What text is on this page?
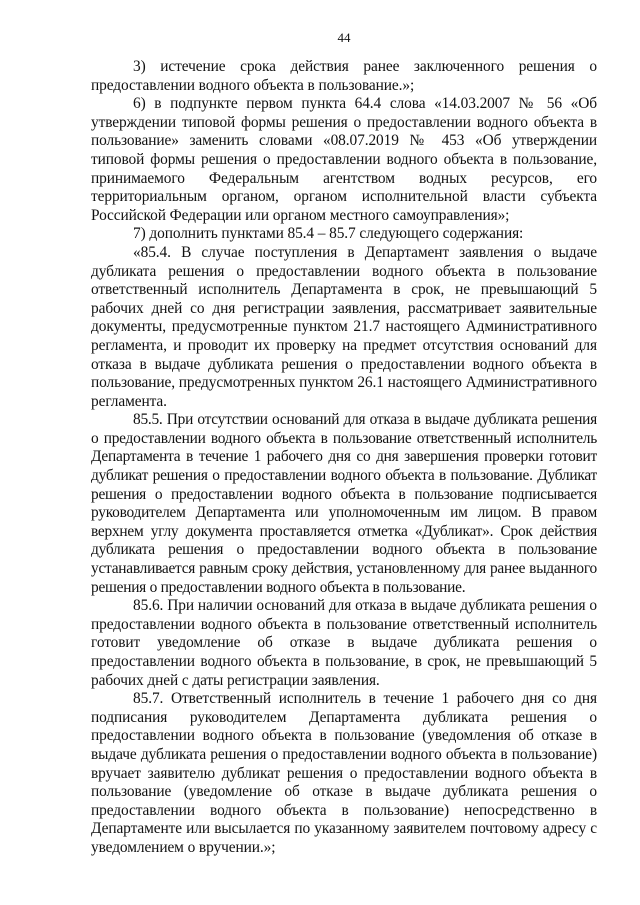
44

3) истечение срока действия ранее заключенного решения о предоставлении водного объекта в пользование.»;

6) в подпункте первом пункта 64.4 слова «14.03.2007 № 56 «Об утверждении типовой формы решения о предоставлении водного объекта в пользование» заменить словами «08.07.2019 № 453 «Об утверждении типовой формы решения о предоставлении водного объекта в пользование, принимаемого Федеральным агентством водных ресурсов, его территориальным органом, органом исполнительной власти субъекта Российской Федерации или органом местного самоуправления»;

7) дополнить пунктами 85.4 – 85.7 следующего содержания:

«85.4. В случае поступления в Департамент заявления о выдаче дубликата решения о предоставлении водного объекта в пользование ответственный исполнитель Департамента в срок, не превышающий 5 рабочих дней со дня регистрации заявления, рассматривает заявительные документы, предусмотренные пунктом 21.7 настоящего Административного регламента, и проводит их проверку на предмет отсутствия оснований для отказа в выдаче дубликата решения о предоставлении водного объекта в пользование, предусмотренных пунктом 26.1 настоящего Административного регламента.

85.5. При отсутствии оснований для отказа в выдаче дубликата решения о предоставлении водного объекта в пользование ответственный исполнитель Департамента в течение 1 рабочего дня со дня завершения проверки готовит дубликат решения о предоставлении водного объекта в пользование. Дубликат решения о предоставлении водного объекта в пользование подписывается руководителем Департамента или уполномоченным им лицом. В правом верхнем углу документа проставляется отметка «Дубликат». Срок действия дубликата решения о предоставлении водного объекта в пользование устанавливается равным сроку действия, установленному для ранее выданного решения о предоставлении водного объекта в пользование.

85.6. При наличии оснований для отказа в выдаче дубликата решения о предоставлении водного объекта в пользование ответственный исполнитель готовит уведомление об отказе в выдаче дубликата решения о предоставлении водного объекта в пользование, в срок, не превышающий 5 рабочих дней с даты регистрации заявления.

85.7. Ответственный исполнитель в течение 1 рабочего дня со дня подписания руководителем Департамента дубликата решения о предоставлении водного объекта в пользование (уведомления об отказе в выдаче дубликата решения о предоставлении водного объекта в пользование) вручает заявителю дубликат решения о предоставлении водного объекта в пользование (уведомление об отказе в выдаче дубликата решения о предоставлении водного объекта в пользование) непосредственно в Департаменте или высылается по указанному заявителем почтовому адресу с уведомлением о вручении.»;
